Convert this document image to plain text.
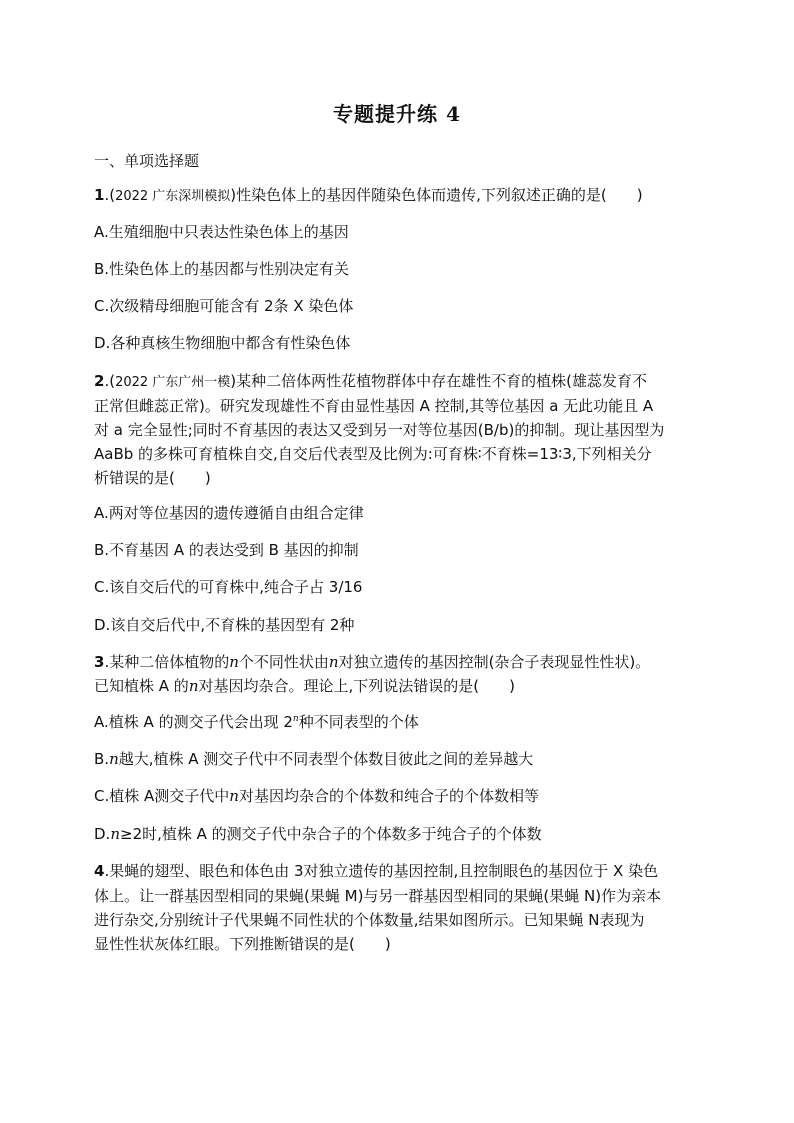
专题提升练 4
一、单项选择题
1.(2022 广东深圳模拟)性染色体上的基因伴随染色体而遗传,下列叙述正确的是(　　)
A.生殖细胞中只表达性染色体上的基因
B.性染色体上的基因都与性别决定有关
C.次级精母细胞可能含有 2条 X 染色体
D.各种真核生物细胞中都含有性染色体
2.(2022 广东广州一模)某种二倍体两性花植物群体中存在雄性不育的植株(雄蕊发育不
正常但雌蕊正常)。研究发现雄性不育由显性基因 A 控制,其等位基因 a 无此功能且 A
对 a 完全显性;同时不育基因的表达又受到另一对等位基因(B/b)的抑制。现让基因型为
AaBb 的多株可育植株自交,自交后代表型及比例为:可育株∶不育株=13∶3,下列相关分
析错误的是(　　)
A.两对等位基因的遗传遵循自由组合定律
B.不育基因 A 的表达受到 B 基因的抑制
C.该自交后代的可育株中,纯合子占 3/16
D.该自交后代中,不育株的基因型有 2种
3.某种二倍体植物的n个不同性状由n对独立遗传的基因控制(杂合子表现显性性状)。
已知植株 A 的n对基因均杂合。理论上,下列说法错误的是(　　)
A.植株 A 的测交子代会出现 2$^n$种不同表型的个体
B.n越大,植株 A 测交子代中不同表型个体数目彼此之间的差异越大
C.植株 A测交子代中n对基因均杂合的个体数和纯合子的个体数相等
D.n≥2时,植株 A 的测交子代中杂合子的个体数多于纯合子的个体数
4.果蝇的翅型、眼色和体色由 3对独立遗传的基因控制,且控制眼色的基因位于 X 染色
体上。让一群基因型相同的果蝇(果蝇 M)与另一群基因型相同的果蝇(果蝇 N)作为亲本
进行杂交,分别统计子代果蝇不同性状的个体数量,结果如图所示。已知果蝇 N表现为
显性性状灰体红眼。下列推断错误的是(　　)
